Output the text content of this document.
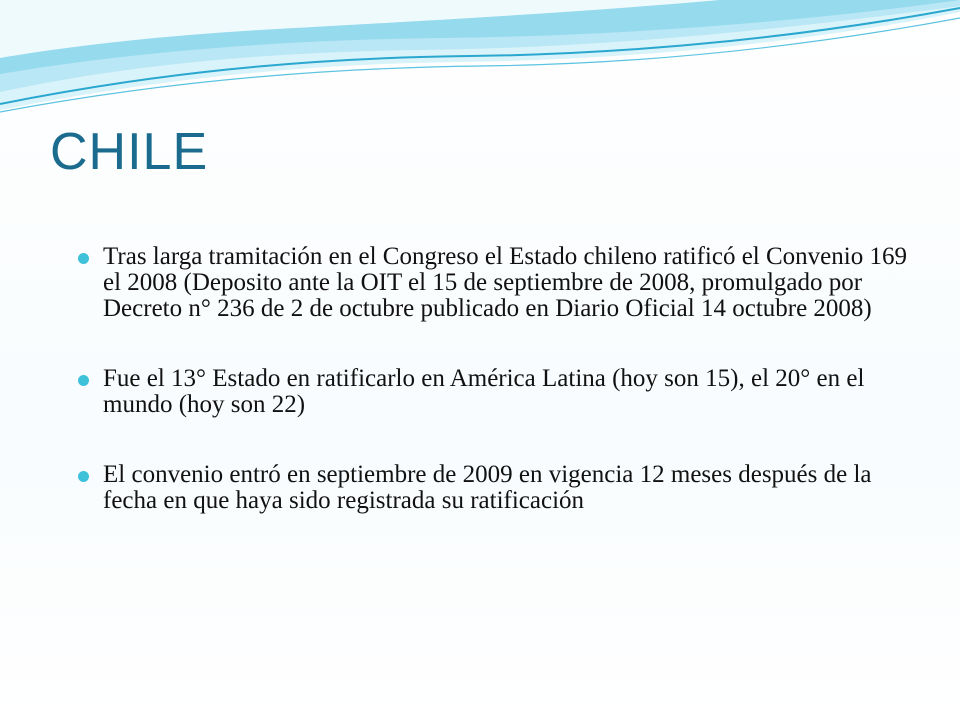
CHILE
Tras larga tramitación en el Congreso el Estado chileno ratificó el Convenio 169 el 2008 (Deposito ante la OIT el 15 de septiembre de 2008, promulgado por Decreto n° 236 de 2 de octubre publicado en Diario Oficial 14 octubre 2008)
Fue el 13° Estado en ratificarlo en América Latina (hoy son 15), el 20° en el mundo (hoy son 22)
El convenio entró en septiembre de 2009 en vigencia 12 meses después de la fecha en que haya sido registrada su ratificación
